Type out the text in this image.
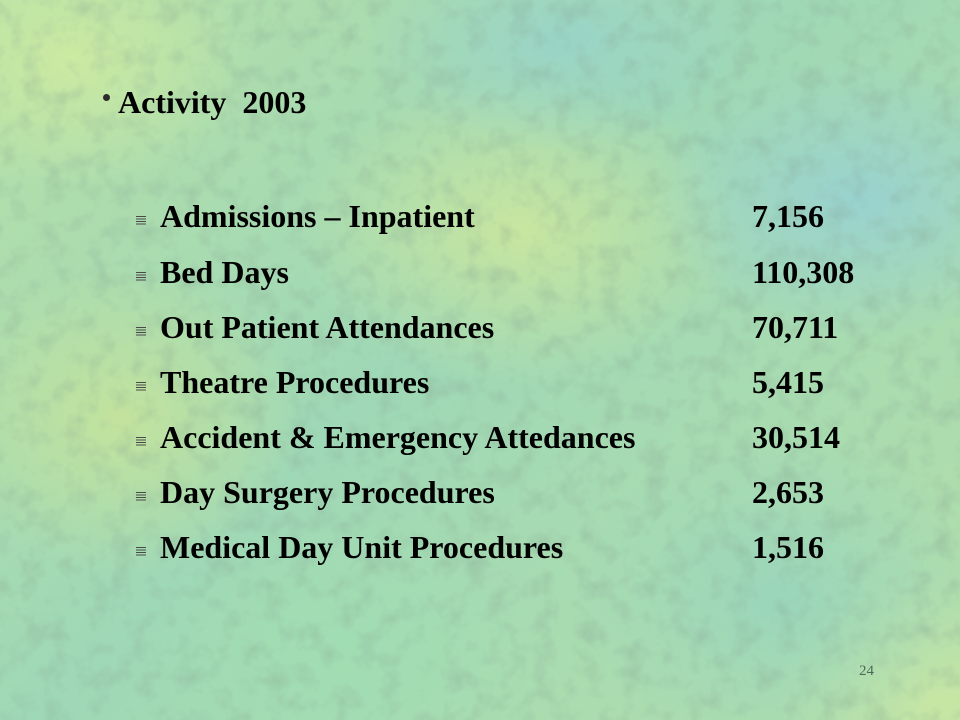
Activity  2003
Admissions – Inpatient	7,156
Bed Days	110,308
Out Patient Attendances	70,711
Theatre Procedures	5,415
Accident & Emergency Attedances	30,514
Day Surgery Procedures	2,653
Medical Day Unit Procedures	1,516
24
